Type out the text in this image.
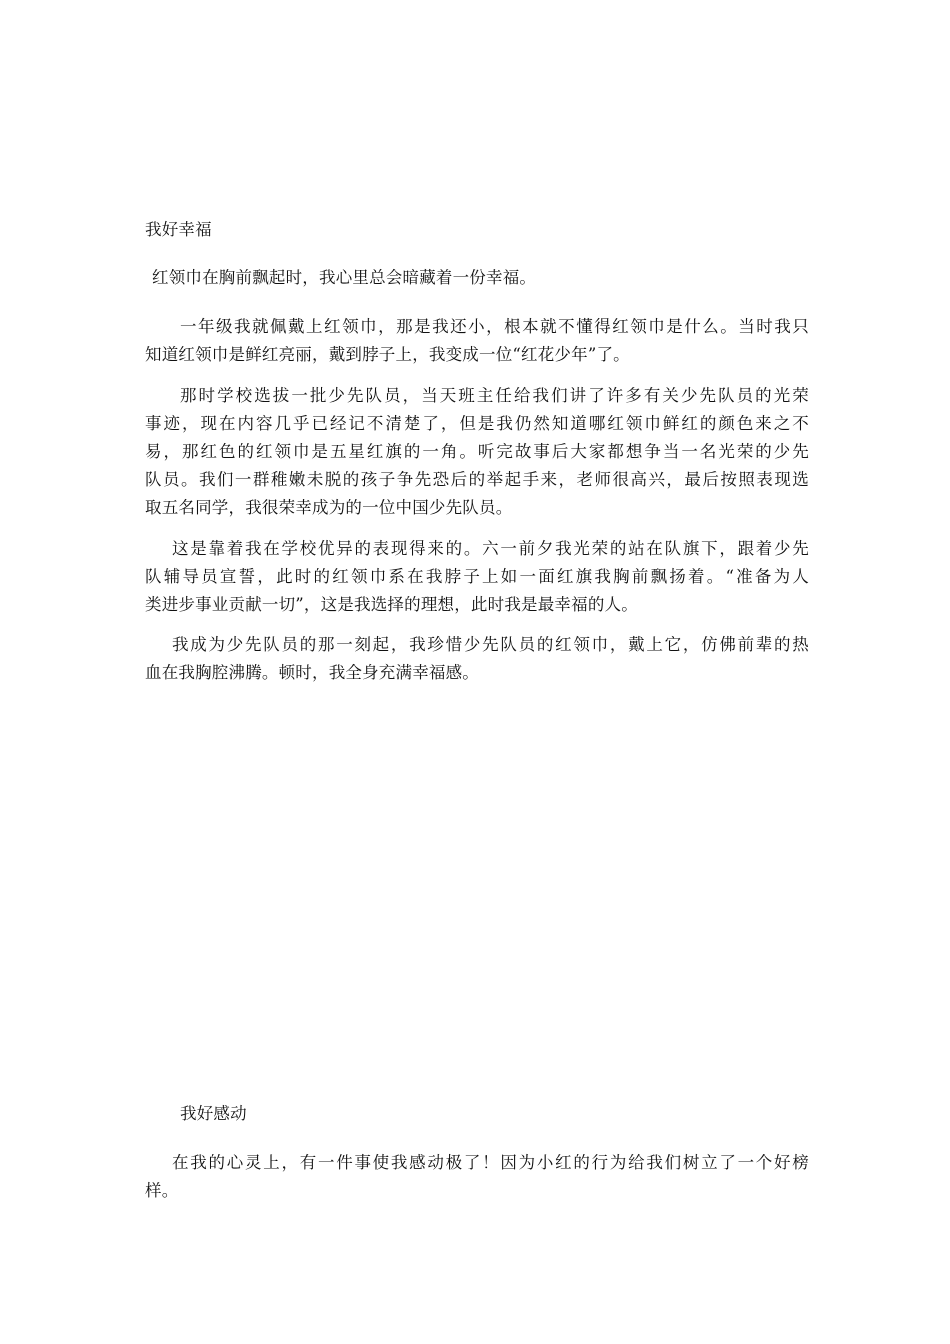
我好幸福
红领巾在胸前飘起时，我心里总会暗藏着一份幸福。
一年级我就佩戴上红领巾，那是我还小，根本就不懂得红领巾是什么。当时我只
知道红领巾是鲜红亮丽，戴到脖子上，我变成一位“红花少年”了。
那时学校选拔一批少先队员，当天班主任给我们讲了许多有关少先队员的光荣
事迹，现在内容几乎已经记不清楚了，但是我仍然知道哪红领巾鲜红的颜色来之不
易，那红色的红领巾是五星红旗的一角。听完故事后大家都想争当一名光荣的少先
队员。我们一群稚嫩未脱的孩子争先恐后的举起手来，老师很高兴，最后按照表现选
取五名同学，我很荣幸成为的一位中国少先队员。
这是靠着我在学校优异的表现得来的。六一前夕我光荣的站在队旗下，跟着少先
队辅导员宣誓，此时的红领巾系在我脖子上如一面红旗我胸前飘扬着。“准备为人
类进步事业贡献一切”，这是我选择的理想，此时我是最幸福的人。
我成为少先队员的那一刻起，我珍惜少先队员的红领巾，戴上它，仿佛前辈的热
血在我胸腔沸腾。顿时，我全身充满幸福感。
我好感动
在我的心灵上，有一件事使我感动极了！因为小红的行为给我们树立了一个好榜
样。
